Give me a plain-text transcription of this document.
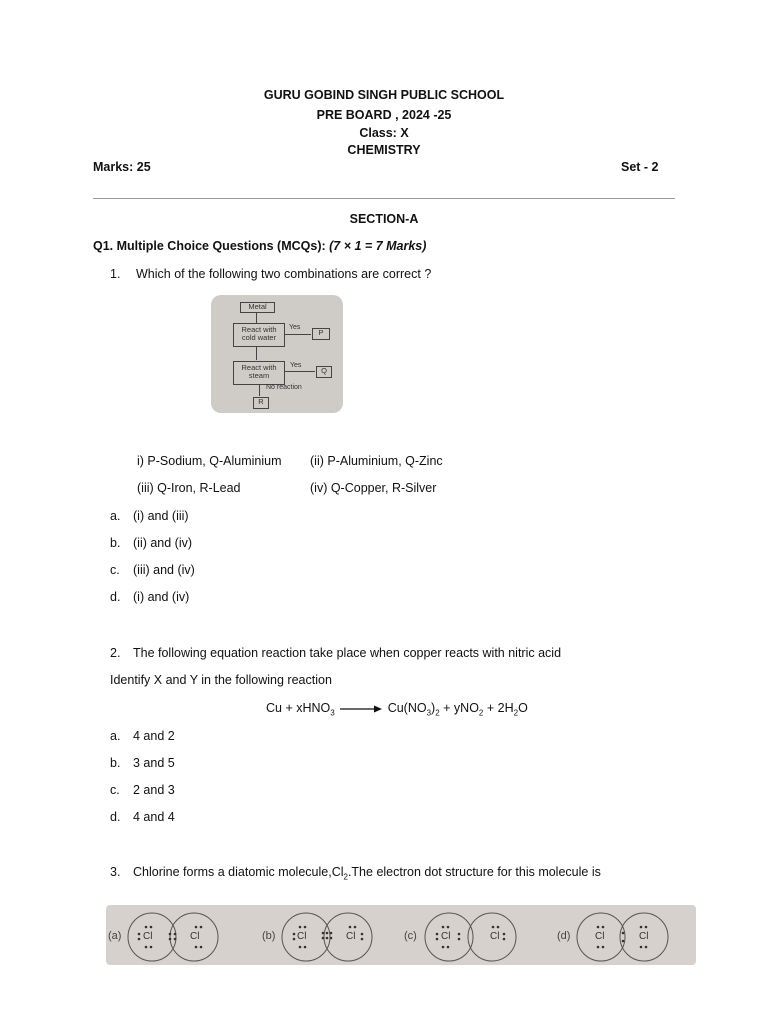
GURU GOBIND SINGH PUBLIC SCHOOL
PRE BOARD , 2024 -25
Class: X
CHEMISTRY
Marks: 25	Set - 2
SECTION-A
Q1. Multiple Choice Questions (MCQs): (7 × 1 = 7 Marks)
1. Which of the following two combinations are correct ?
Metal
React with
cold water
Yes
P
React with
steam
Yes
Q
No reaction
R
i) P-Sodium, Q-Aluminium (ii) P-Aluminium, Q-Zinc
(iii) Q-Iron, R-Lead	(iv) Q-Copper, R-Silver
a. (i) and (iii)
b. (ii) and (iv)
c. (iii) and (iv)
d. (i) and (iv)
2. The following equation reaction take place when copper reacts with nitric acid
Identify X and Y in the following reaction
Cu + xHNO$_3$ → $Cu(NO_3)_2 + yNO_2 + 2H_2O$
a. 4 and 2
b. 3 and 5
c. 2 and 3
d. 4 and 4
3. Chlorine forms a diatomic $molecule,Cl_2.The$ electron dot structure for this molecule is
(a) Cl	Cl	(b) Cl	Cl	(c) Cl	Cl	(d) Cl	Cl
